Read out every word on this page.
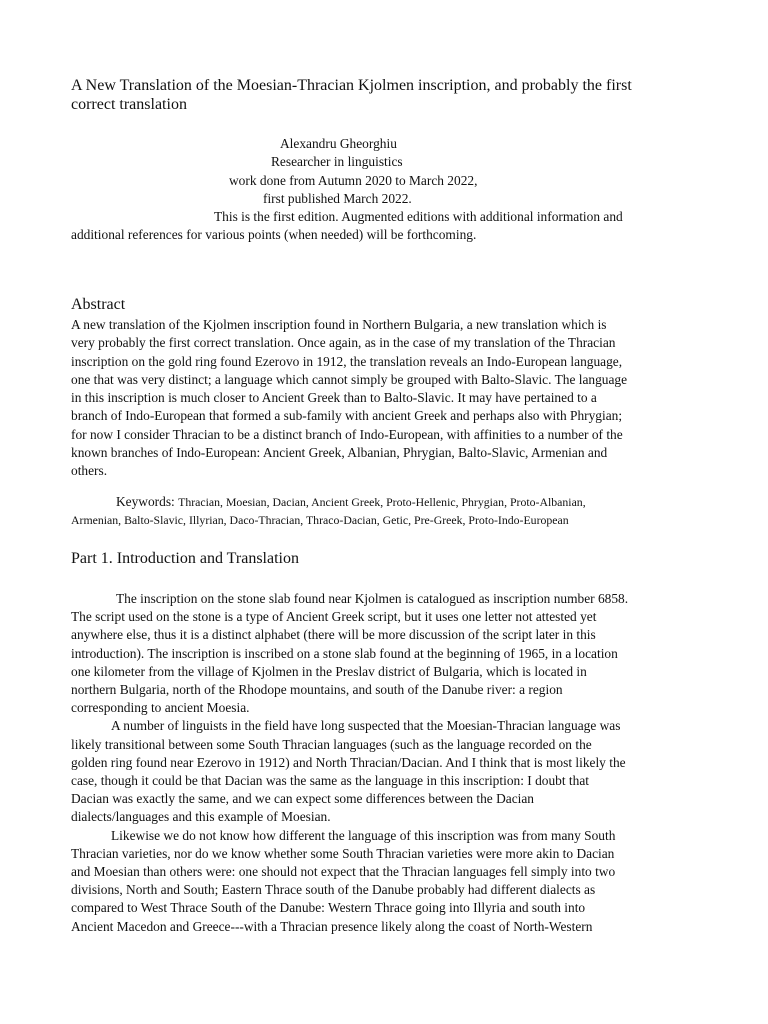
A New Translation of the Moesian-Thracian Kjolmen inscription, and probably the first
correct translation
Alexandru Gheorghiu
Researcher in linguistics
work done from Autumn 2020 to March 2022,
first published March 2022.
This is the first edition. Augmented editions with additional information and
additional references for various points (when needed) will be forthcoming.
Abstract
A new translation of the Kjolmen inscription found in Northern Bulgaria, a new translation which is
very probably the first correct translation. Once again, as in the case of my translation of the Thracian
inscription on the gold ring found Ezerovo in 1912, the translation reveals an Indo-European language,
one that was very distinct; a language which cannot simply be grouped with Balto-Slavic. The language
in this inscription is much closer to Ancient Greek than to Balto-Slavic. It may have pertained to a
branch of Indo-European that formed a sub-family with ancient Greek and perhaps also with Phrygian;
for now I consider Thracian to be a distinct branch of Indo-European, with affinities to a number of the
known branches of Indo-European: Ancient Greek, Albanian, Phrygian, Balto-Slavic, Armenian and
others.
Keywords: Thracian, Moesian, Dacian, Ancient Greek, Proto-Hellenic, Phrygian, Proto-Albanian,
Armenian, Balto-Slavic, Illyrian, Daco-Thracian, Thraco-Dacian, Getic, Pre-Greek, Proto-Indo-European
Part 1. Introduction and Translation

The inscription on the stone slab found near Kjolmen is catalogued as inscription number 6858.
The script used on the stone is a type of Ancient Greek script, but it uses one letter not attested yet
anywhere else, thus it is a distinct alphabet (there will be more discussion of the script later in this
introduction). The inscription is inscribed on a stone slab found at the beginning of 1965, in a location
one kilometer from the village of Kjolmen in the Preslav district of Bulgaria, which is located in
northern Bulgaria, north of the Rhodope mountains, and south of the Danube river: a region
corresponding to ancient Moesia.

A number of linguists in the field have long suspected that the Moesian-Thracian language was
likely transitional between some South Thracian languages (such as the language recorded on the
golden ring found near Ezerovo in 1912) and North Thracian/Dacian. And I think that is most likely the
case, though it could be that Dacian was the same as the language in this inscription: I doubt that
Dacian was exactly the same, and we can expect some differences between the Dacian
dialects/languages and this example of Moesian.

Likewise we do not know how different the language of this inscription was from many South
Thracian varieties, nor do we know whether some South Thracian varieties were more akin to Dacian
and Moesian than others were: one should not expect that the Thracian languages fell simply into two
divisions, North and South; Eastern Thrace south of the Danube probably had different dialects as
compared to West Thrace South of the Danube: Western Thrace going into Illyria and south into
Ancient Macedon and Greece---with a Thracian presence likely along the coast of North-Western
